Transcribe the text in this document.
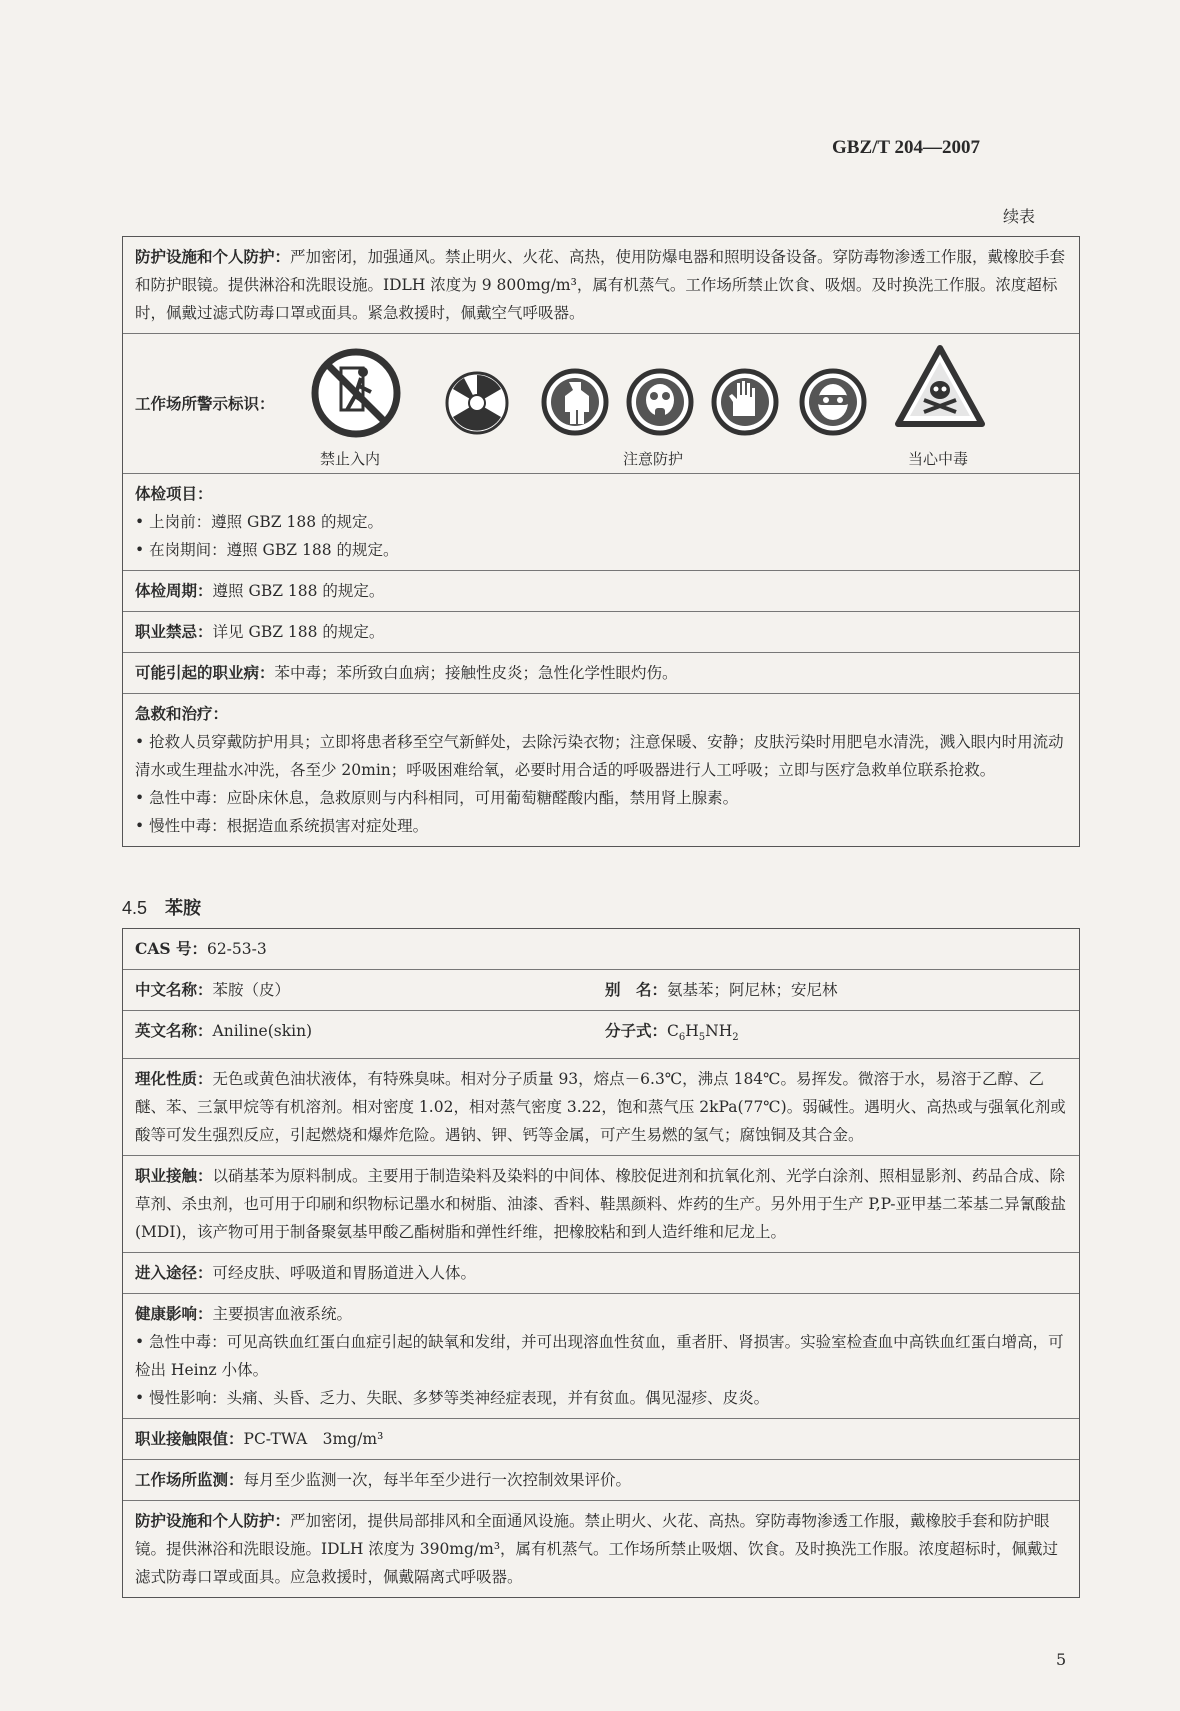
GBZ/T 204—2007
续表
防护设施和个人防护：严加密闭，加强通风。禁止明火、火花、高热，使用防爆电器和照明设备设备。穿防毒物渗透工作服，戴橡胶手套和防护眼镜。提供淋浴和洗眼设施。IDLH 浓度为 9 800mg/m³，属有机蒸气。工作场所禁止饮食、吸烟。及时换洗工作服。浓度超标时，佩戴过滤式防毒口罩或面具。紧急救援时，佩戴空气呼吸器。
工作场所警示标识：
禁止入内	注意防护	当心中毒
体检项目：
• 上岗前：遵照 GBZ 188 的规定。
• 在岗期间：遵照 GBZ 188 的规定。
体检周期：遵照 GBZ 188 的规定。
职业禁忌：详见 GBZ 188 的规定。
可能引起的职业病：苯中毒；苯所致白血病；接触性皮炎；急性化学性眼灼伤。
急救和治疗：
• 抢救人员穿戴防护用具；立即将患者移至空气新鲜处，去除污染衣物；注意保暖、安静；皮肤污染时用肥皂水清洗，溅入眼内时用流动清水或生理盐水冲洗，各至少 20min；呼吸困难给氧，必要时用合适的呼吸器进行人工呼吸；立即与医疗急救单位联系抢救。
• 急性中毒：应卧床休息，急救原则与内科相同，可用葡萄糖醛酸内酯，禁用肾上腺素。
• 慢性中毒：根据造血系统损害对症处理。
4.5 苯胺
CAS 号：62-53-3
中文名称：苯胺（皮）	别　名：氨基苯；阿尼林；安尼林
英文名称：Aniline(skin)	分子式：$C_6H_5NH_2$
理化性质：无色或黄色油状液体，有特殊臭味。相对分子质量 93，熔点－6.3℃，沸点 184℃。易挥发。微溶于水，易溶于乙醇、乙醚、苯、三氯甲烷等有机溶剂。相对密度 1.02，相对蒸气密度 3.22，饱和蒸气压 2kPa(77℃)。弱碱性。遇明火、高热或与强氧化剂或酸等可发生强烈反应，引起燃烧和爆炸危险。遇钠、钾、钙等金属，可产生易燃的氢气；腐蚀铜及其合金。
职业接触：以硝基苯为原料制成。主要用于制造染料及染料的中间体、橡胶促进剂和抗氧化剂、光学白涂剂、照相显影剂、药品合成、除草剂、杀虫剂，也可用于印刷和织物标记墨水和树脂、油漆、香料、鞋黑颜料、炸药的生产。另外用于生产 P,P-亚甲基二苯基二异氰酸盐(MDI)，该产物可用于制备聚氨基甲酸乙酯树脂和弹性纤维，把橡胶粘和到人造纤维和尼龙上。
进入途径：可经皮肤、呼吸道和胃肠道进入人体。
健康影响：主要损害血液系统。
• 急性中毒：可见高铁血红蛋白血症引起的缺氧和发绀，并可出现溶血性贫血，重者肝、肾损害。实验室检查血中高铁血红蛋白增高，可检出 Heinz 小体。
• 慢性影响：头痛、头昏、乏力、失眠、多梦等类神经症表现，并有贫血。偶见湿疹、皮炎。
职业接触限值：PC-TWA　3mg/m³
工作场所监测：每月至少监测一次，每半年至少进行一次控制效果评价。
防护设施和个人防护：严加密闭，提供局部排风和全面通风设施。禁止明火、火花、高热。穿防毒物渗透工作服，戴橡胶手套和防护眼镜。提供淋浴和洗眼设施。IDLH 浓度为 390mg/m³，属有机蒸气。工作场所禁止吸烟、饮食。及时换洗工作服。浓度超标时，佩戴过滤式防毒口罩或面具。应急救援时，佩戴隔离式呼吸器。
5
